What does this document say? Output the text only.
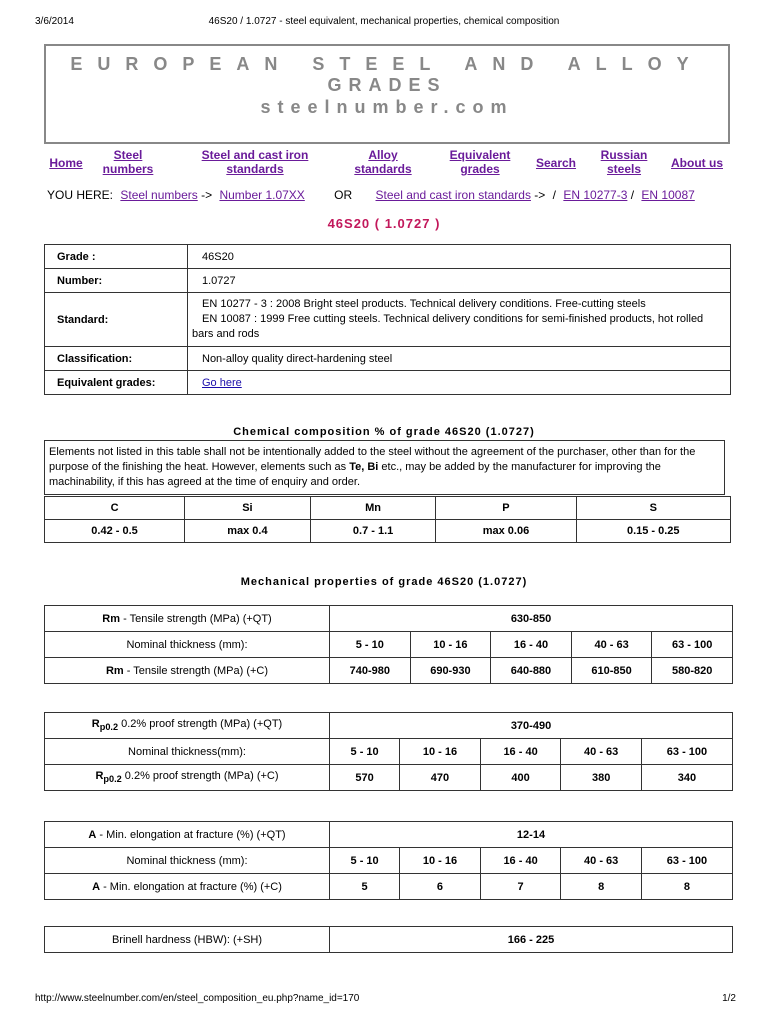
3/6/2014	46S20 / 1.0727 - steel equivalent, mechanical properties, chemical composition
EUROPEAN STEEL AND ALLOY
GRADES
steelnumber.com
Home
Steel numbers
Steel and cast iron standards
Alloy standards
Equivalent grades	Search
Russian steels	About us
YOU HERE: Steel numbers -> Number 1.07XX OR Steel and cast iron standards -> / EN 10277-3 / EN 10087
46S20 ( 1.0727 )
Grade :	46S20
Number:	1.0727
Standard:	EN 10277 - 3 : 2008 Bright steel products. Technical delivery conditions. Free-cutting steels
EN 10087 : 1999 Free cutting steels. Technical delivery conditions for semi-finished products, hot rolled bars and rods

Classification:	Non-alloy quality direct-hardening steel
Equivalent grades:	Go here
Chemical composition % of grade 46S20 (1.0727)
Elements not listed in this table shall not be intentionally added to the steel without the agreement of the purchaser, other than for the purpose of the finishing the heat. However, elements such as Te, Bi etc., may be added by the manufacturer for improving the machinability, if this has agreed at the time of enquiry and order.
C	Si	Mn	P	S
0.42 - 0.5	max 0.4	0.7 - 1.1	max 0.06	0.15 - 0.25
Mechanical properties of grade 46S20 (1.0727)
Rm - Tensile strength (MPa) (+QT)	630-850				
Nominal thickness (mm):	5 - 10	10 - 16	16 - 40	40 - 63	63 - 100
Rm - Tensile strength (MPa) (+C)	740-980	690-930	640-880	610-850	580-820
$R_{p0.2}$ 0.2% proof strength (MPa) (+QT)	370-490				
Nominal thickness(mm):	5 - 10	10 - 16	16 - 40	40 - 63	63 - 100
$R_{p0.2}$ 0.2% proof strength (MPa) (+C)	570	470	400	380	340
A - Min. elongation at fracture (%) (+QT)	12-14				
Nominal thickness (mm):	5 - 10	10 - 16	16 - 40	40 - 63	63 - 100
A - Min. elongation at fracture (%) (+C)	5	6	7	8	8
Brinell hardness (HBW): (+SH)	166 - 225
http://www.steelnumber.com/en/steel_composition_eu.php?name_id=170	1/2
